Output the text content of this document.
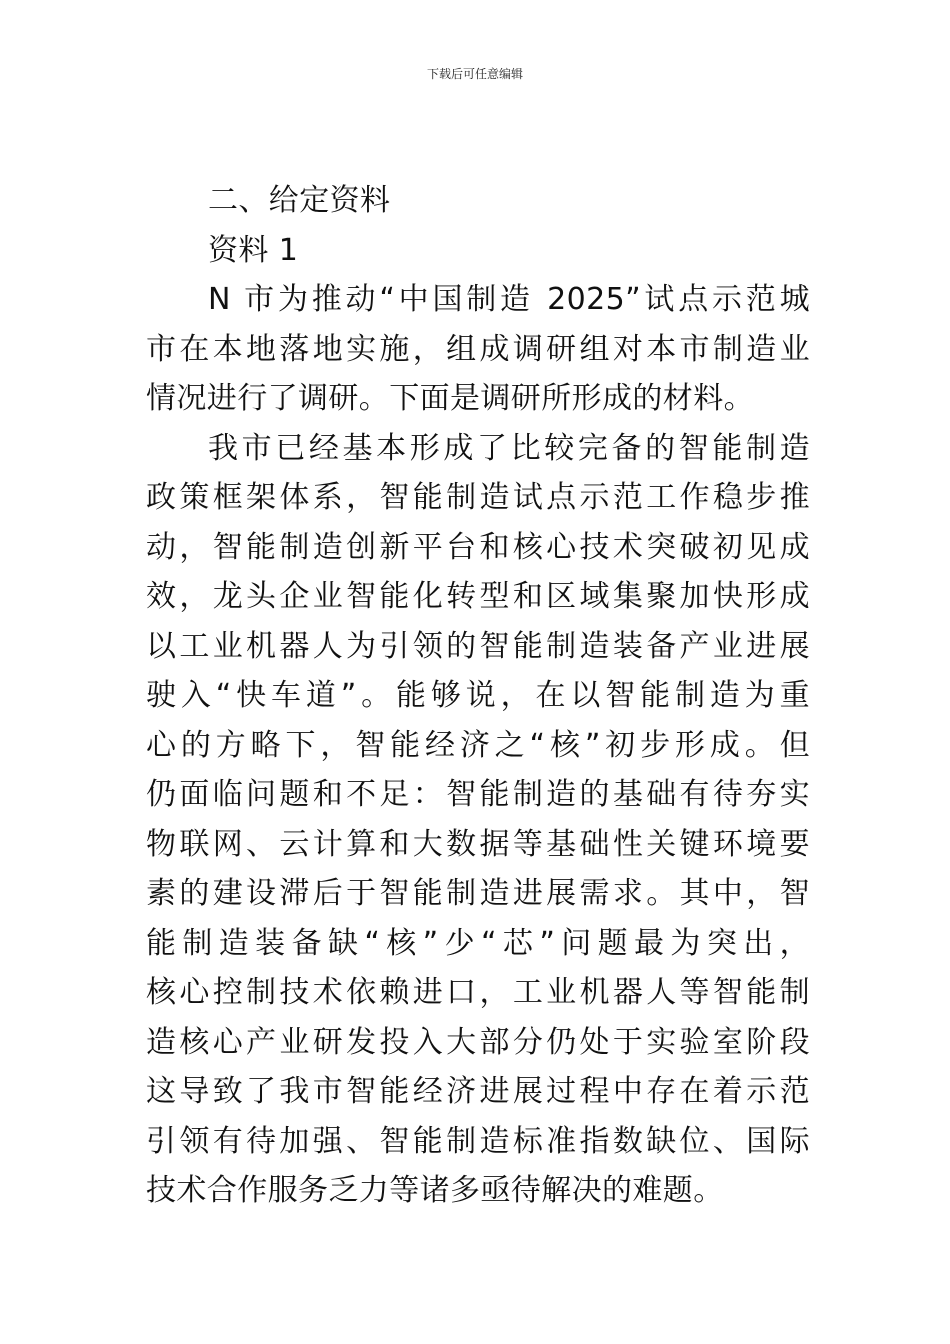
下载后可任意编辑
二、给定资料
资料 1
N 市为推动“中国制造 2025”试点示范城
市在本地落地实施，组成调研组对本市制造业
情况进行了调研。下面是调研所形成的材料。
我市已经基本形成了比较完备的智能制造
政策框架体系，智能制造试点示范工作稳步推
动，智能制造创新平台和核心技术突破初见成
效，龙头企业智能化转型和区域集聚加快形成
以工业机器人为引领的智能制造装备产业进展
驶入“快车道”。能够说，在以智能制造为重
心的方略下，智能经济之“核”初步形成。但
仍面临问题和不足：智能制造的基础有待夯实
物联网、云计算和大数据等基础性关键环境要
素的建设滞后于智能制造进展需求。其中，智
能制造装备缺“核”少“芯”问题最为突出，
核心控制技术依赖进口，工业机器人等智能制
造核心产业研发投入大部分仍处于实验室阶段
这导致了我市智能经济进展过程中存在着示范
引领有待加强、智能制造标准指数缺位、国际
技术合作服务乏力等诸多亟待解决的难题。
